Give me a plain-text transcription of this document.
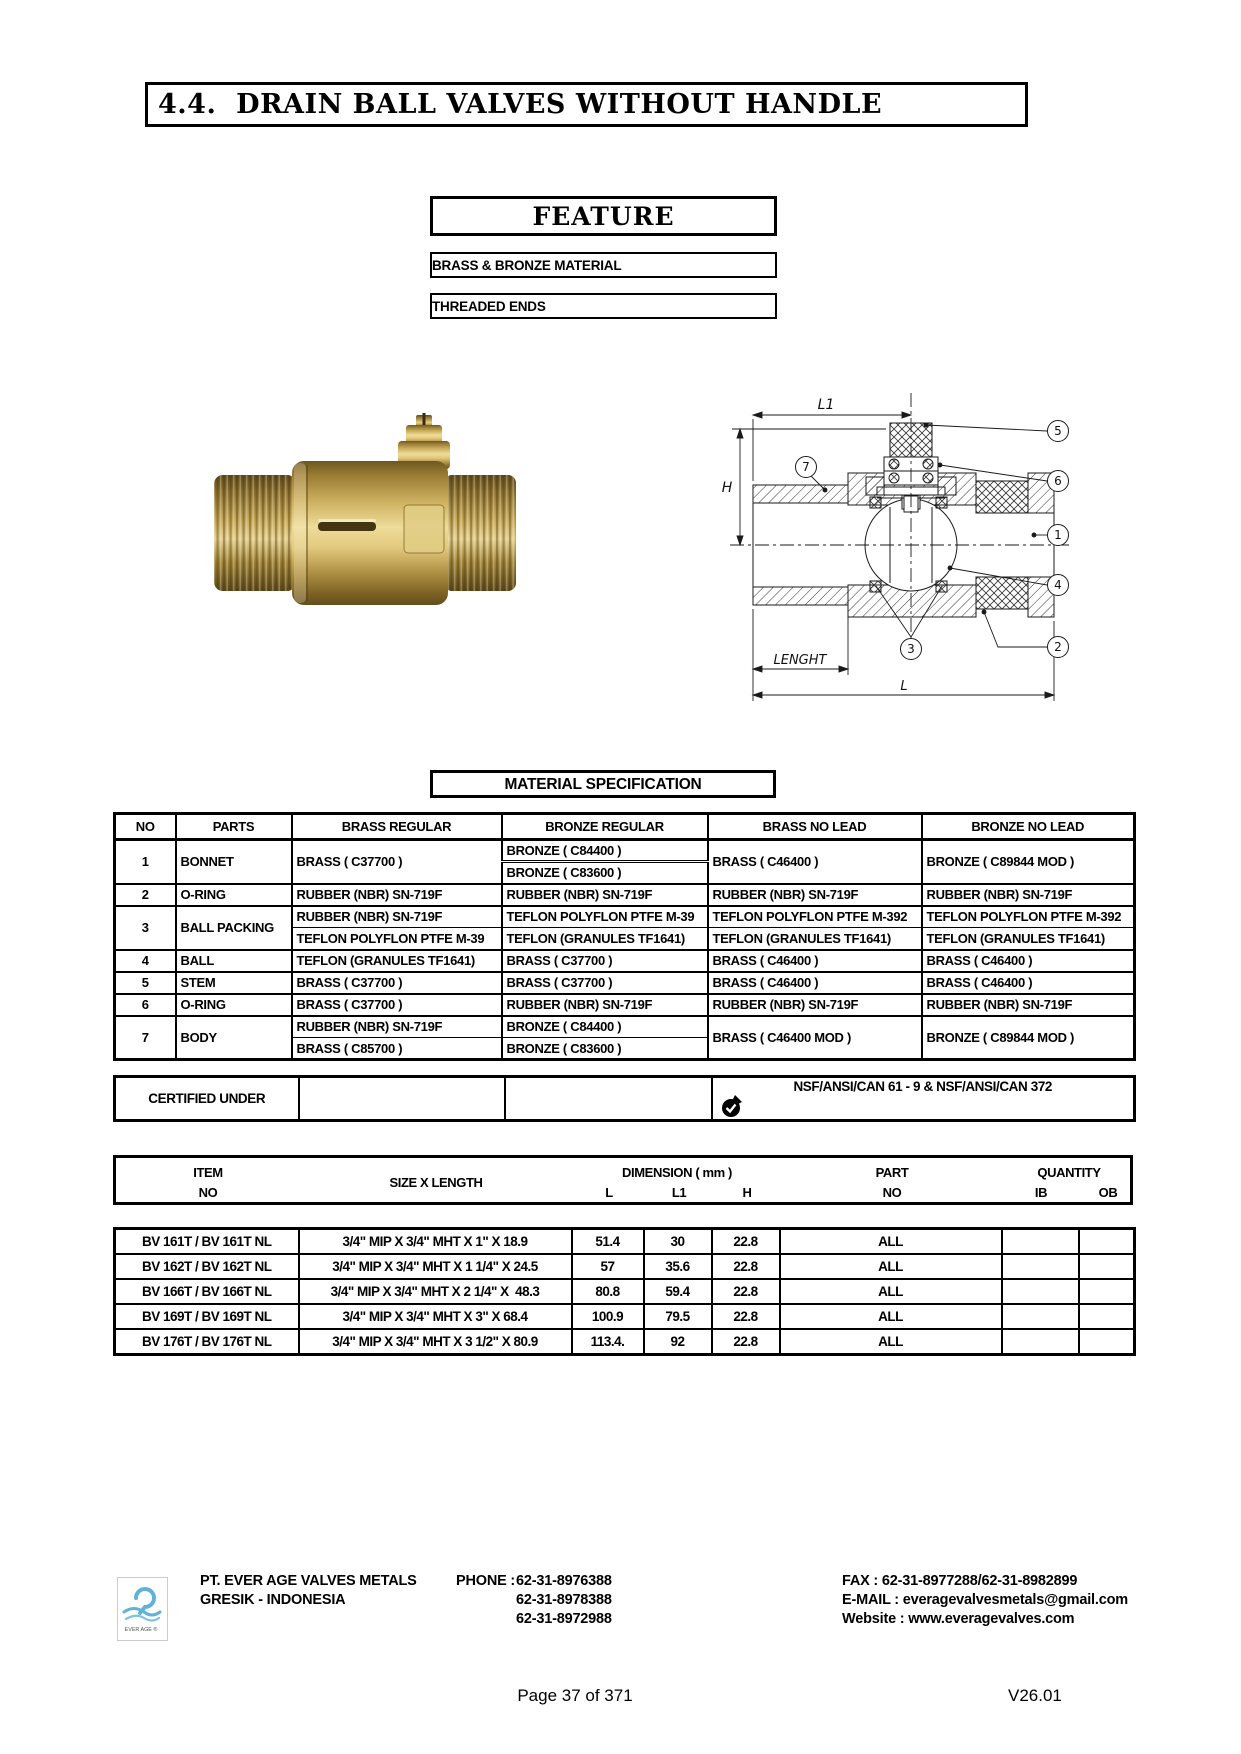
4.4.  DRAIN BALL VALVES WITHOUT HANDLE
FEATURE
BRASS & BRONZE MATERIAL
THREADED ENDS
L1
H
LENGHT
L
5
6
1
4
2
7
3
MATERIAL SPECIFICATION
NO	PARTS	BRASS REGULAR	BRONZE REGULAR	BRASS NO LEAD	BRONZE NO LEAD
1	BONNET	BRASS ( C37700 )	BRONZE ( C84400 )	BRASS ( C46400 )	BRONZE ( C89844 MOD )
			BRONZE ( C83600 )		
2	O-RING	RUBBER (NBR) SN-719F	RUBBER (NBR) SN-719F	RUBBER (NBR) SN-719F	RUBBER (NBR) SN-719F
3	BALL PACKING	RUBBER (NBR) SN-719F	TEFLON POLYFLON PTFE M-39	TEFLON POLYFLON PTFE M-392	TEFLON POLYFLON PTFE M-392
		TEFLON POLYFLON PTFE M-39	TEFLON (GRANULES TF1641)	TEFLON (GRANULES TF1641)	TEFLON (GRANULES TF1641)
4	BALL	TEFLON (GRANULES TF1641)	BRASS ( C37700 )	BRASS ( C46400 )	BRASS ( C46400 )
5	STEM	BRASS ( C37700 )	BRASS ( C37700 )	BRASS ( C46400 )	BRASS ( C46400 )
6	O-RING	BRASS ( C37700 )	RUBBER (NBR) SN-719F	RUBBER (NBR) SN-719F	RUBBER (NBR) SN-719F
7	BODY	RUBBER (NBR) SN-719F	BRONZE ( C84400 )	BRASS ( C46400 MOD )	BRONZE ( C89844 MOD )
		BRASS ( C85700 )	BRONZE ( C83600 )		
CERTIFIED UNDER			NSF/ANSI/CAN 61 - 9 & NSF/ANSI/CAN 372
ITEM
NO
SIZE X LENGTH
DIMENSION ( mm )
L	L1	H
PART
NO
QUANTITY
IB	OB
BV 161T / BV 161T NL	3/4" MIP X 3/4" MHT X 1" X 18.9	51.4	30	22.8	ALL		
BV 162T / BV 162T NL	3/4" MIP X 3/4" MHT X 1 1/4" X 24.5	57	35.6	22.8	ALL		
BV 166T / BV 166T NL	3/4" MIP X 3/4" MHT X 2 1/4" X  48.3	80.8	59.4	22.8	ALL		
BV 169T / BV 169T NL	3/4" MIP X 3/4" MHT X 3" X 68.4	100.9	79.5	22.8	ALL		
BV 176T / BV 176T NL	3/4" MIP X 3/4" MHT X 3 1/2" X 80.9	113.4.	92	22.8	ALL		
EVER AGE ®
PT. EVER AGE VALVES METALS
GRESIK - INDONESIA
PHONE : 62-31-8976388
62-31-8978388
62-31-8972988
FAX : 62-31-8977288/62-31-8982899
E-MAIL : everagevalvesmetals@gmail.com
Website : www.everagevalves.com
Page 37 of 371	V26.01
